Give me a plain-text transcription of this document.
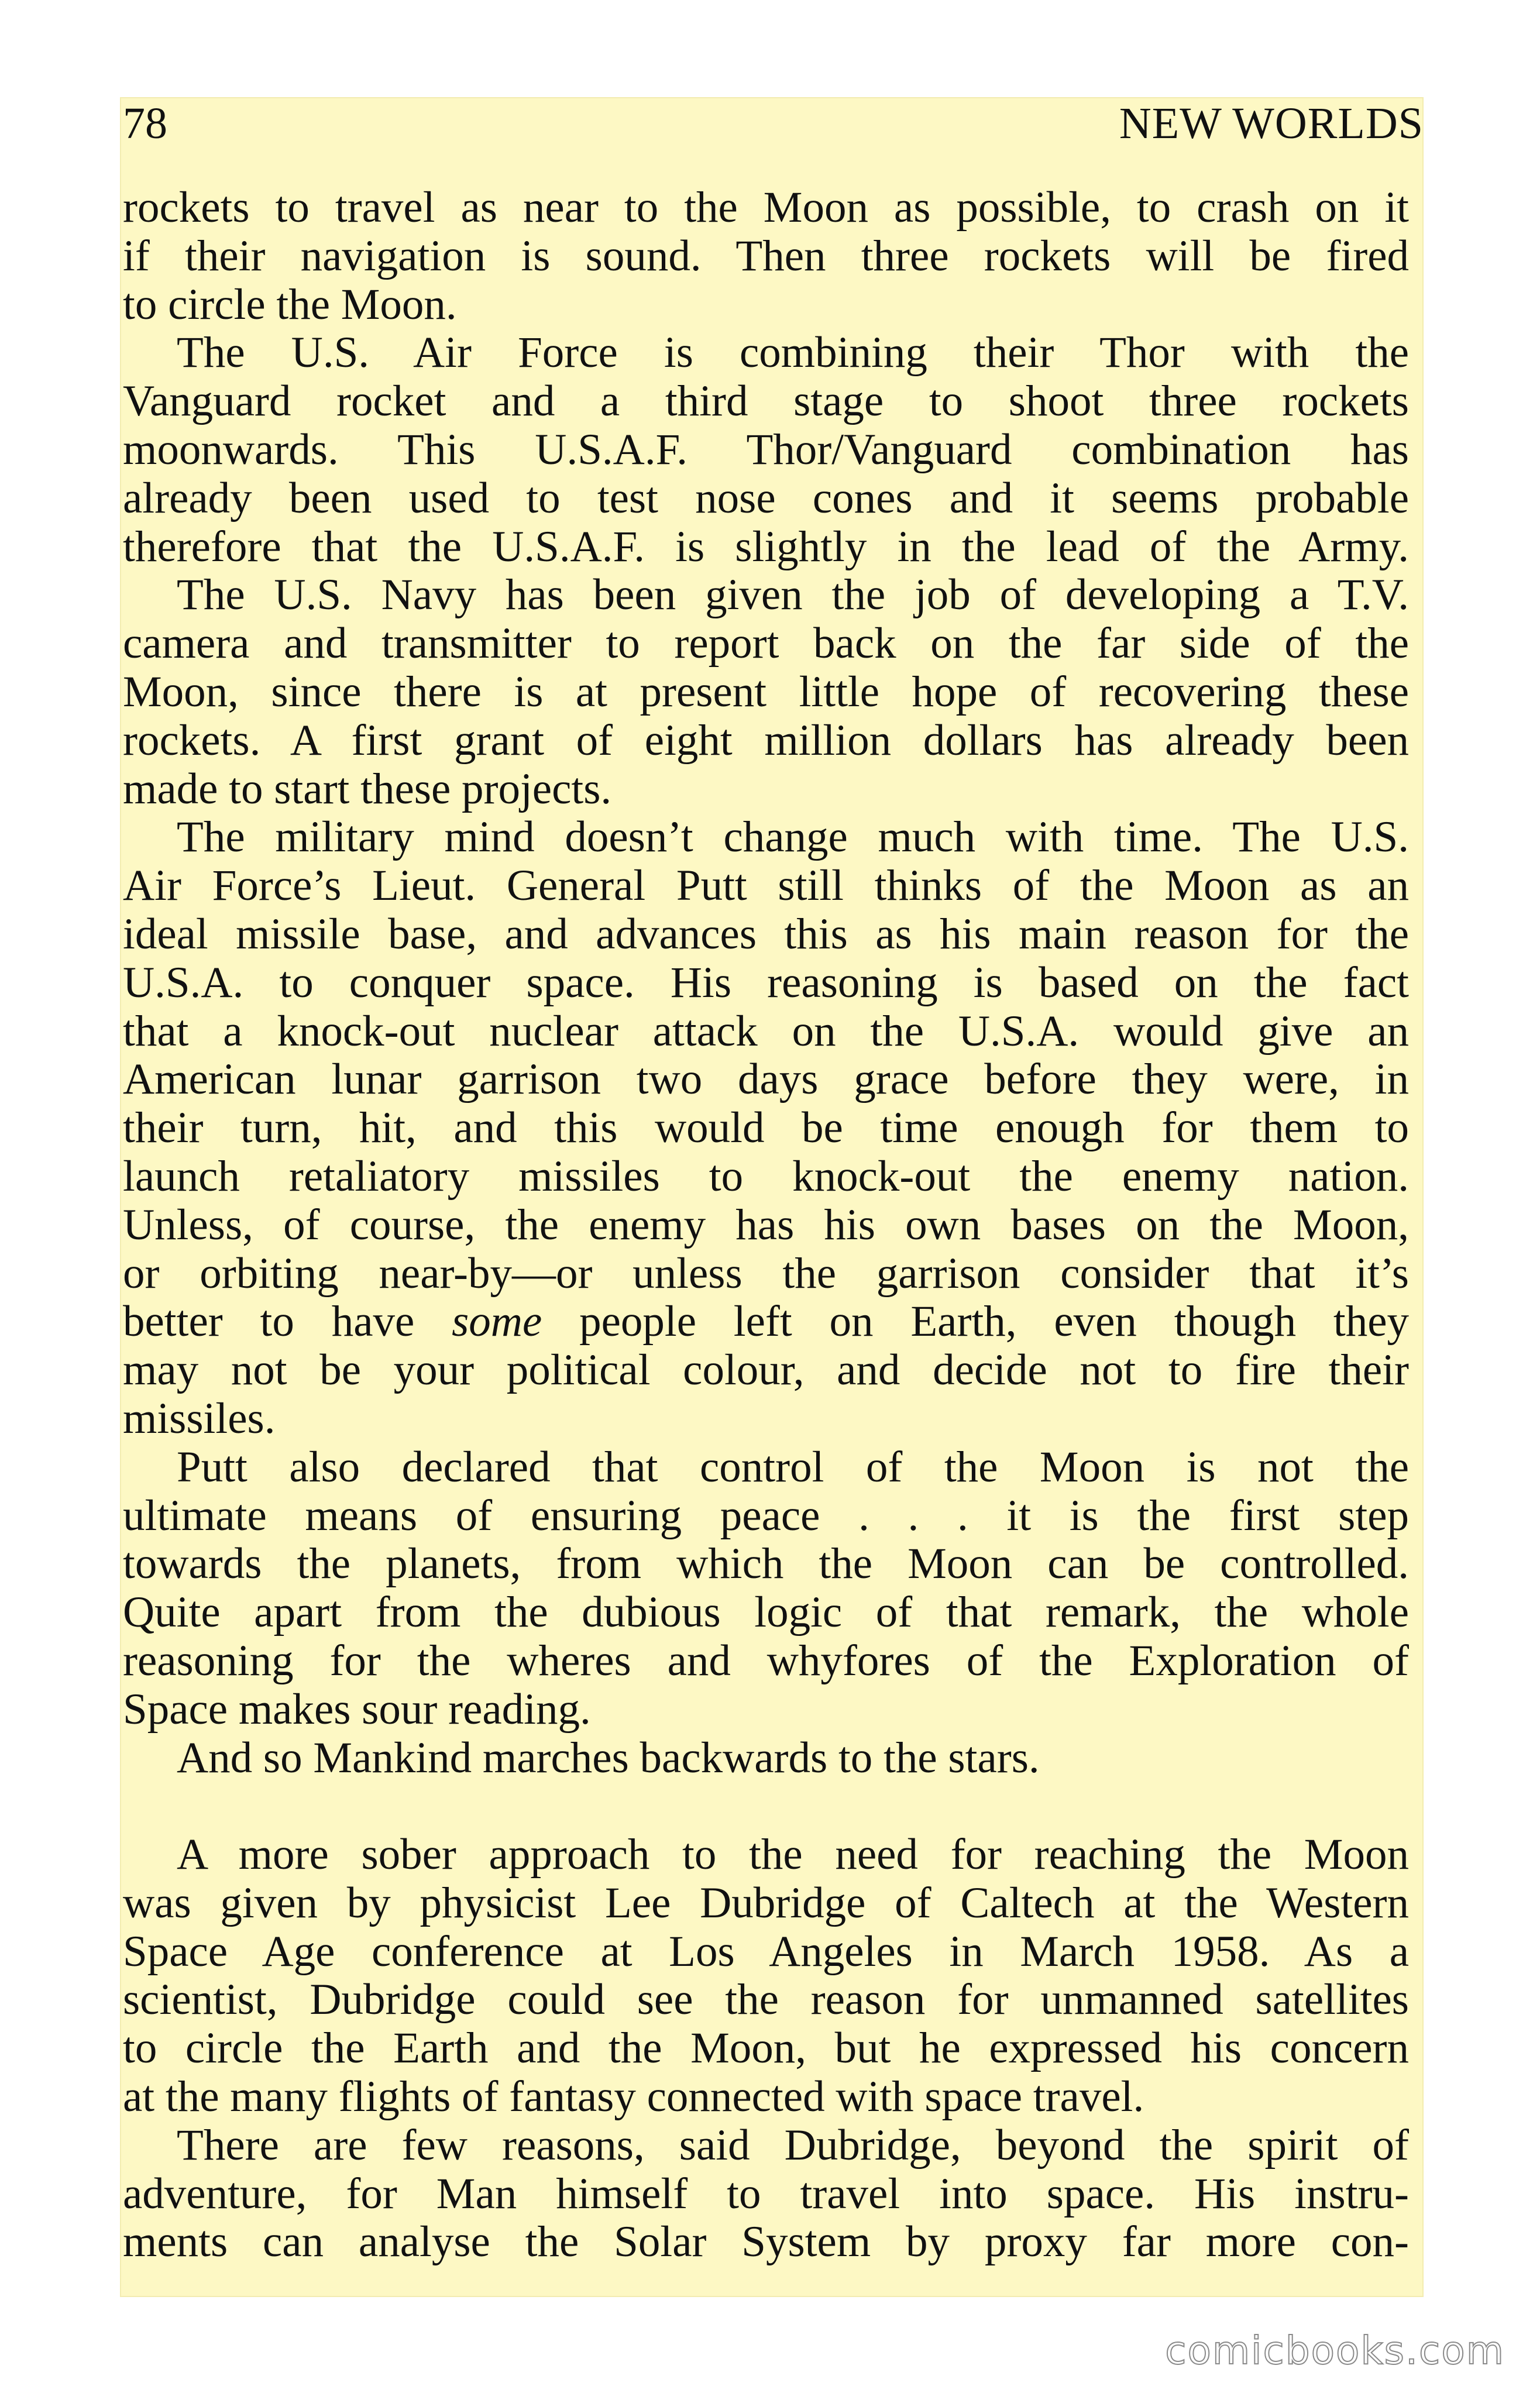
78	NEW WORLDS
rockets to travel as near to the Moon as possible, to crash on it
if their navigation is sound. Then three rockets will be fired
to circle the Moon.
The U.S. Air Force is combining their Thor with the
Vanguard rocket and a third stage to shoot three rockets
moonwards. This U.S.A.F. Thor/Vanguard combination has
already been used to test nose cones and it seems probable
therefore that the U.S.A.F. is slightly in the lead of the Army.
The U.S. Navy has been given the job of developing a T.V.
camera and transmitter to report back on the far side of the
Moon, since there is at present little hope of recovering these
rockets. A first grant of eight million dollars has already been
made to start these projects.
The military mind doesn’t change much with time. The U.S.
Air Force’s Lieut. General Putt still thinks of the Moon as an
ideal missile base, and advances this as his main reason for the
U.S.A. to conquer space. His reasoning is based on the fact
that a knock-out nuclear attack on the U.S.A. would give an
American lunar garrison two days grace before they were, in
their turn, hit, and this would be time enough for them to
launch retaliatory missiles to knock-out the enemy nation.
Unless, of course, the enemy has his own bases on the Moon,
or orbiting near-by—or unless the garrison consider that it’s
better to have some people left on Earth, even though they
may not be your political colour, and decide not to fire their
missiles.
Putt also declared that control of the Moon is not the
ultimate means of ensuring peace . . . it is the first step
towards the planets, from which the Moon can be controlled.
Quite apart from the dubious logic of that remark, the whole
reasoning for the wheres and whyfores of the Exploration of
Space makes sour reading.
And so Mankind marches backwards to the stars.
A more sober approach to the need for reaching the Moon
was given by physicist Lee Dubridge of Caltech at the Western
Space Age conference at Los Angeles in March 1958. As a
scientist, Dubridge could see the reason for unmanned satellites
to circle the Earth and the Moon, but he expressed his concern
at the many flights of fantasy connected with space travel.
There are few reasons, said Dubridge, beyond the spirit of
adventure, for Man himself to travel into space. His instru-
ments can analyse the Solar System by proxy far more con-
comicbooks.com
